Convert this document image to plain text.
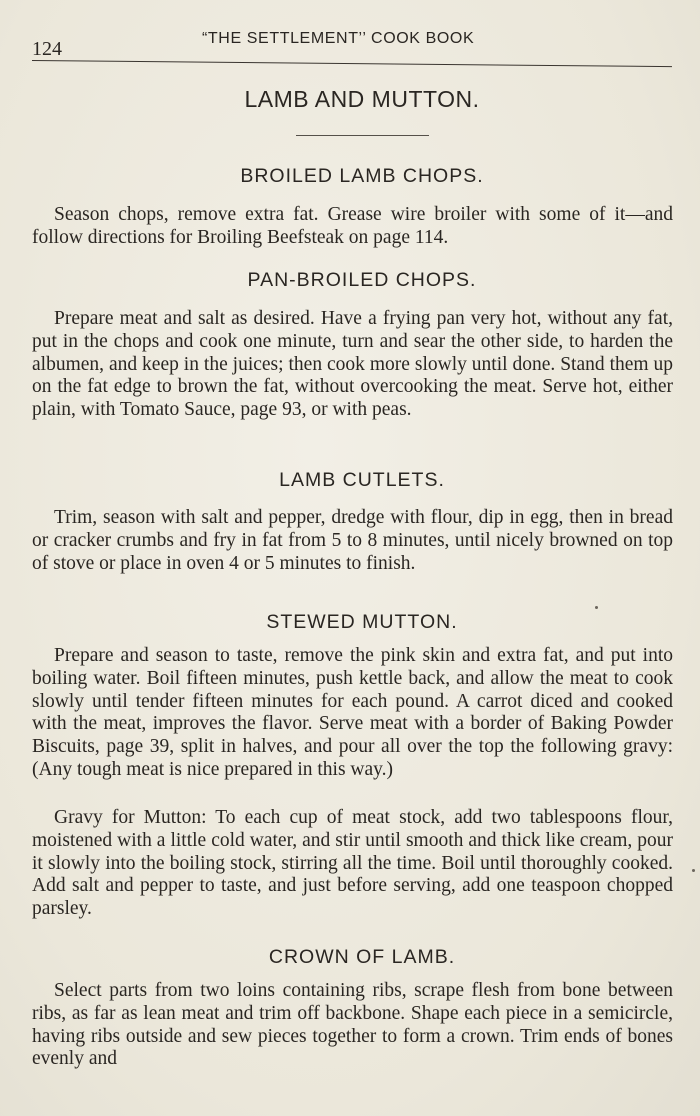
124	“THE SETTLEMENT’’ COOK BOOK
LAMB AND MUTTON.
BROILED LAMB CHOPS.
Season chops, remove extra fat. Grease wire broiler with some of it—and follow directions for Broiling Beefsteak on page 114.
PAN-BROILED CHOPS.
Prepare meat and salt as desired. Have a frying pan very hot, without any fat, put in the chops and cook one minute, turn and sear the other side, to harden the albumen, and keep in the juices; then cook more slowly until done. Stand them up on the fat edge to brown the fat, without overcooking the meat. Serve hot, either plain, with Tomato Sauce, page 93, or with peas.
LAMB CUTLETS.
Trim, season with salt and pepper, dredge with flour, dip in egg, then in bread or cracker crumbs and fry in fat from 5 to 8 minutes, until nicely browned on top of stove or place in oven 4 or 5 minutes to finish.
STEWED MUTTON.
Prepare and season to taste, remove the pink skin and extra fat, and put into boiling water. Boil fifteen minutes, push kettle back, and allow the meat to cook slowly until tender fifteen minutes for each pound. A carrot diced and cooked with the meat, improves the flavor. Serve meat with a border of Baking Powder Biscuits, page 39, split in halves, and pour all over the top the following gravy: (Any tough meat is nice prepared in this way.)
Gravy for Mutton: To each cup of meat stock, add two tablespoons flour, moistened with a little cold water, and stir until smooth and thick like cream, pour it slowly into the boiling stock, stirring all the time. Boil until thoroughly cooked. Add salt and pepper to taste, and just before serving, add one teaspoon chopped parsley.
CROWN OF LAMB.
Select parts from two loins containing ribs, scrape flesh from bone between ribs, as far as lean meat and trim off backbone. Shape each piece in a semicircle, having ribs outside and sew pieces together to form a crown. Trim ends of bones evenly and
